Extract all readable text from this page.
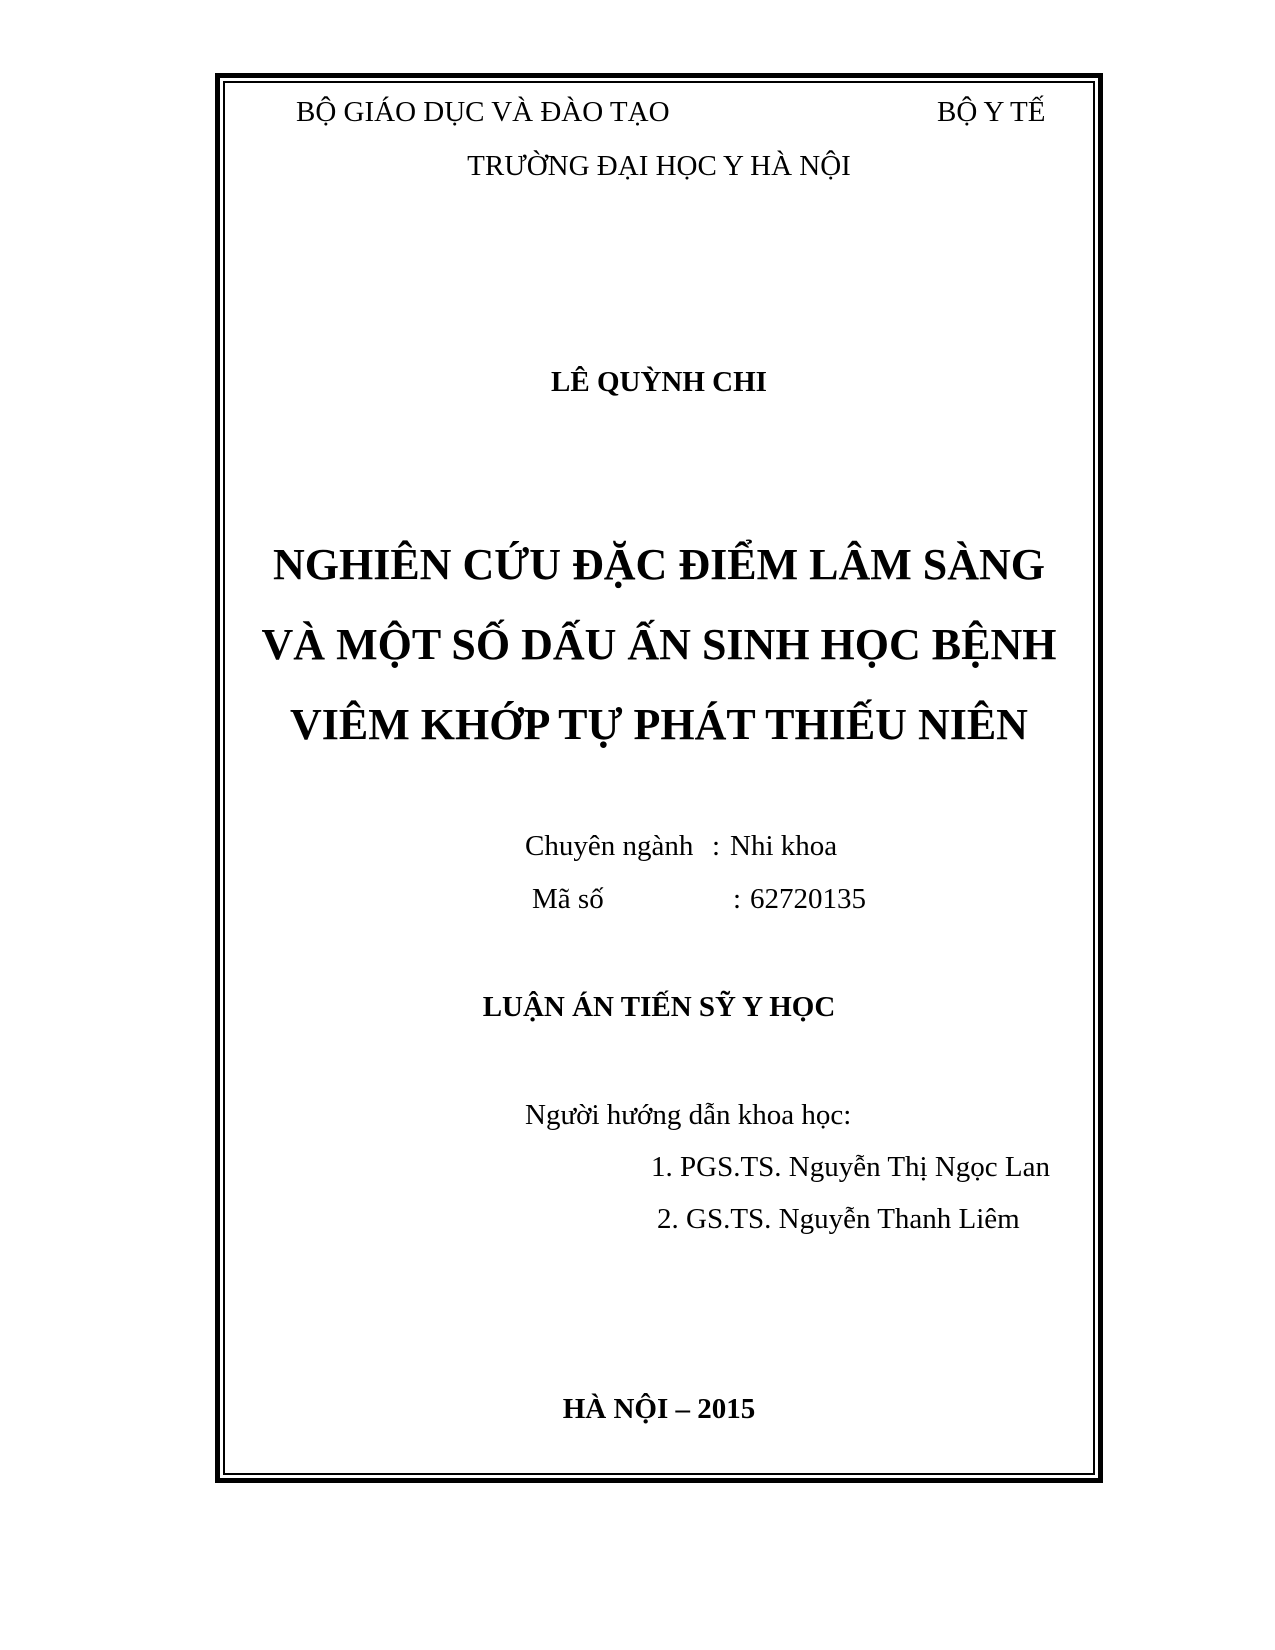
BỘ GIÁO DỤC VÀ ĐÀO TẠO	BỘ Y TẾ
TRƯỜNG ĐẠI HỌC Y HÀ NỘI
LÊ QUỲNH CHI
NGHIÊN CỨU ĐẶC ĐIỂM LÂM SÀNG
VÀ MỘT SỐ DẤU ẤN SINH HỌC BỆNH
VIÊM KHỚP TỰ PHÁT THIẾU NIÊN
Chuyên ngành : Nhi khoa
Mã số	: 62720135
LUẬN ÁN TIẾN SỸ Y HỌC
Người hướng dẫn khoa học:
1. PGS.TS. Nguyễn Thị Ngọc Lan
2. GS.TS. Nguyễn Thanh Liêm
HÀ NỘI – 2015
